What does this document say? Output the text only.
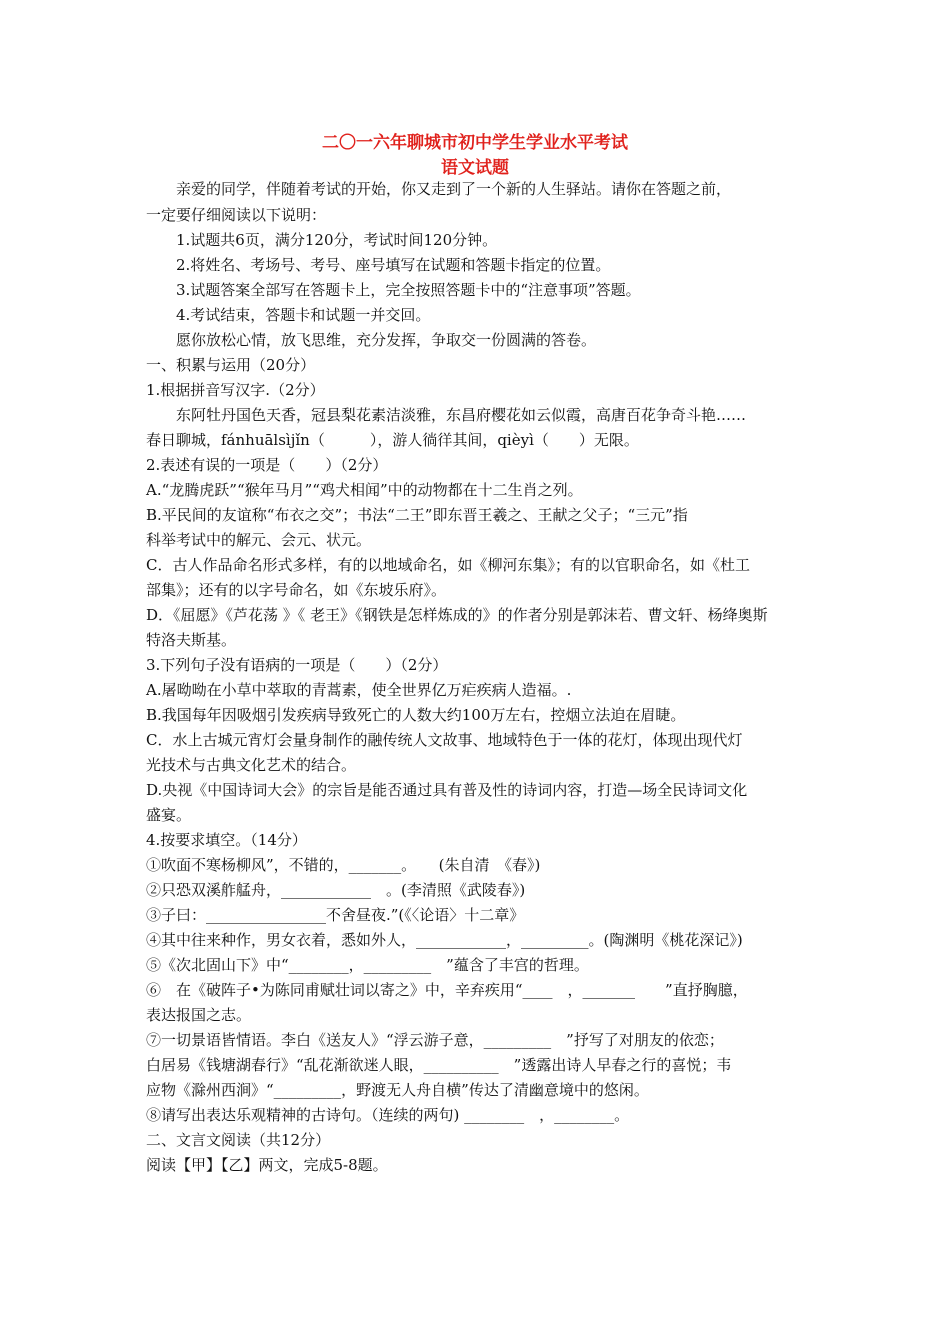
二〇一六年聊城市初中学生学业水平考试
语文试题
亲爱的同学，伴随着考试的开始，你又走到了一个新的人生驿站。请你在答题之前，
一定要仔细阅读以下说明：
1.试题共6页，满分120分，考试时间120分钟。
2.将姓名、考场号、考号、座号填写在试题和答题卡指定的位置。
3.试题答案全部写在答题卡上，完全按照答题卡中的“注意事项”答题。
4.考试结束，答题卡和试题一并交回。
愿你放松心情，放飞思维，充分发挥，争取交一份圆满的答卷。
一、积累与运用（20分）
1.根据拼音写汉字.（2分）
东阿牡丹国色天香，冠县梨花素洁淡雅，东昌府樱花如云似霞，高唐百花争奇斗艳……
春日聊城，fánhuālsìjǐn（　　　），游人徜徉其间，qièyì（　　）无限。
2.表述有误的一项是（　　）（2分）
A.“龙腾虎跃”“猴年马月”“鸡犬相闻”中的动物都在十二生肖之列。
B.平民间的友谊称“布衣之交”；书法“二王”即东晋王羲之、王献之父子；“三元”指
科举考试中的解元、会元、状元。
C．古人作品命名形式多样，有的以地域命名，如《柳河东集》；有的以官职命名，如《杜工
部集》；还有的以字号命名，如《东坡乐府》。
D．《屈愿》《芦花荡 》《 老王》《钢铁是怎样炼成的》的作者分别是郭沫若、曹文轩、杨绛奥斯
特洛夫斯基。
3.下列句子没有语病的一项是（　　）（2分）
A.屠呦呦在小草中萃取的青蒿素，使全世界亿万疟疾病人造福。.
B.我国每年因吸烟引发疾病导致死亡的人数大约100万左右，控烟立法迫在眉睫。
C．水上古城元宵灯会量身制作的融传统人文故事、地域特色于一体的花灯，体现出现代灯
光技术与古典文化艺术的结合。
D.央视《中国诗词大会》的宗旨是能否通过具有普及性的诗词内容，打造—场全民诗词文化
盛宴。
4.按要求填空。（14分）
①吹面不寒杨柳风”，不错的，_______。　　(朱自清　《春》)
②只恐双溪舴艋舟，____________　。(李清照《武陵春》)
③子曰：________________不舍昼夜.”(《〈论语〉十二章》
④其中往来种作，男女衣着，悉如外人，____________，_________。(陶渊明《桃花深记》)
⑤《次北固山下》中“________，_________　”蕴含了丰宫的哲理。
⑥　在《破阵子•为陈同甫赋壮词以寄之》中，辛弃疾用“____　，_______　　”直抒胸臆，
表达报国之志。
⑦一切景语皆情语。李白《送友人》“浮云游子意，_________　”抒写了对朋友的依恋；
白居易《钱塘湖春行》“乱花渐欲迷人眼，__________　”透露出诗人早春之行的喜悦；韦
应物《滁州西涧》“_________，野渡无人舟自横”传达了清幽意境中的悠闲。
⑧请写出表达乐观精神的古诗句。（连续的两句) ________　，________。
二、文言文阅读（共12分）
阅读【甲】【乙】两文，完成5-8题。
